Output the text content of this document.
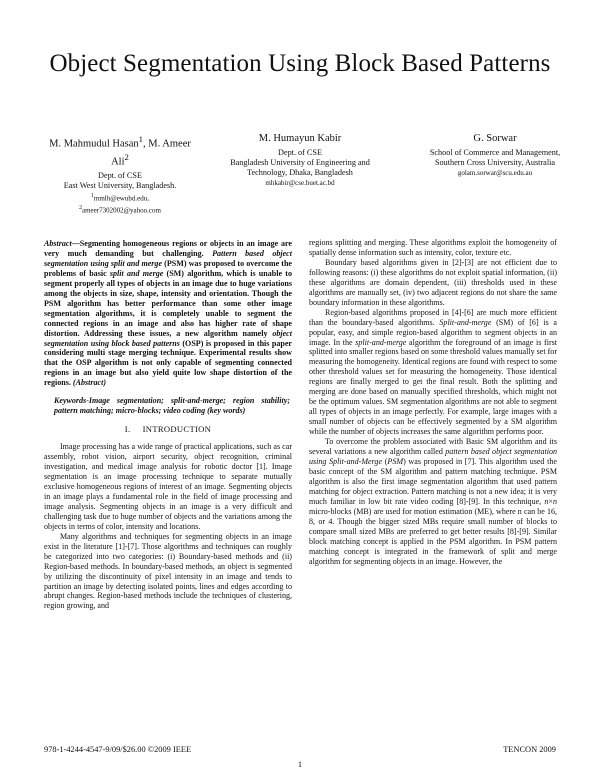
Object Segmentation Using Block Based Patterns
M. Mahmudul Hasan$^1$, M. Ameer Ali$^2$
Dept. of CSE
East West University, Bangladesh.
$^1$mmlh@ewubd.edu,
$^2$ameer7302002@yahoo.com
M. Humayun Kabir
Dept. of CSE
Bangladesh University of Engineering and Technology, Dhaka, Bangladesh
mhkabir@cse.buet.ac.bd
G. Sorwar
School of Commerce and Management,
Southern Cross University, Australia
golam.sorwar@scu.edu.au

Abstract—Segmenting homogeneous regions or objects in an image are very much demanding but challenging. Pattern based object segmentation using split and merge (PSM) was proposed to overcome the problems of basic split and merge (SM) algorithm, which is unable to segment properly all types of objects in an image due to huge variations among the objects in size, shape, intensity and orientation. Though the PSM algorithm has better performance than some other image segmentation algorithms, it is completely unable to segment the connected regions in an image and also has higher rate of shape distortion. Addressing these issues, a new algorithm namely object segmentation using block based patterns (OSP) is proposed in this paper considering multi stage merging technique. Experimental results show that the OSP algorithm is not only capable of segmenting connected regions in an image but also yield quite low shape distortion of the regions. (Abstract)

Keywords-Image segmentation; split-and-merge; region stability; pattern matching; micro-blocks; video coding (key words)

I.     INTRODUCTION

Image processing has a wide range of practical applications, such as car assembly, robot vision, airport security, object recognition, criminal investigation, and medical image analysis for robotic doctor [1]. Image segmentation is an image processing technique to separate mutually exclusive homogeneous regions of interest of an image. Segmenting objects in an image plays a fundamental role in the field of image processing and image analysis. Segmenting objects in an image is a very difficult and challenging task due to huge number of objects and the variations among the objects in terms of color, intensity and locations.

Many algorithms and techniques for segmenting objects in an image exist in the literature [1]-[7]. Those algorithms and techniques can roughly be categorized into two categories: (i) Boundary-based methods and (ii) Region-based methods. In boundary-based methods, an object is segmented by utilizing the discontinuity of pixel intensity in an image and tends to partition an image by detecting isolated points, lines and edges according to abrupt changes. Region-based methods include the techniques of clustering, region growing, and

regions splitting and merging. These algorithms exploit the homogeneity of spatially dense information such as intensity, color, texture etc.

Boundary based algorithms given in [2]-[3] are not efficient due to following reasons: (i) these algorithms do not exploit spatial information, (ii) these algorithms are domain dependent, (iii) thresholds used in these algorithms are manually set, (iv) two adjacent regions do not share the same boundary information in these algorithms.

Region-based algorithms proposed in [4]-[6] are much more efficient than the boundary-based algorithms. Split-and-merge (SM) of [6] is a popular, easy, and simple region-based algorithm to segment objects in an image. In the split-and-merge algorithm the foreground of an image is first splitted into smaller regions based on some threshold values manually set for measuring the homogeneity. Identical regions are found with respect to some other threshold values set for measuring the homogeneity. Those identical regions are finally merged to get the final result. Both the splitting and merging are done based on manually specified thresholds, which might not be the optimum values. SM segmentation algorithms are not able to segment all types of objects in an image perfectly. For example, large images with a small number of objects can be effectively segmented by a SM algorithm while the number of objects increases the same algorithm performs poor.

To overcome the problem associated with Basic SM algorithm and its several variations a new algorithm called pattern based object segmentation using Split-and-Merge (PSM) was proposed in [7]. This algorithm used the basic concept of the SM algorithm and pattern matching technique. PSM algorithm is also the first image segmentation algorithm that used pattern matching for object extraction. Pattern matching is not a new idea; it is very much familiar in low bit rate video coding [8]-[9]. In this technique, n×n micro-blocks (MB) are used for motion estimation (ME), where n can be 16, 8, or 4. Though the bigger sized MBs require small number of blocks to compare small sized MBs are preferred to get better results [8]-[9]. Similar block matching concept is applied in the PSM algorithm. In PSM pattern matching concept is integrated in the framework of split and merge algorithm for segmenting objects in an image. However, the

978-1-4244-4547-9/09/$26.00 ©2009 IEEE	TENCON 2009
1
